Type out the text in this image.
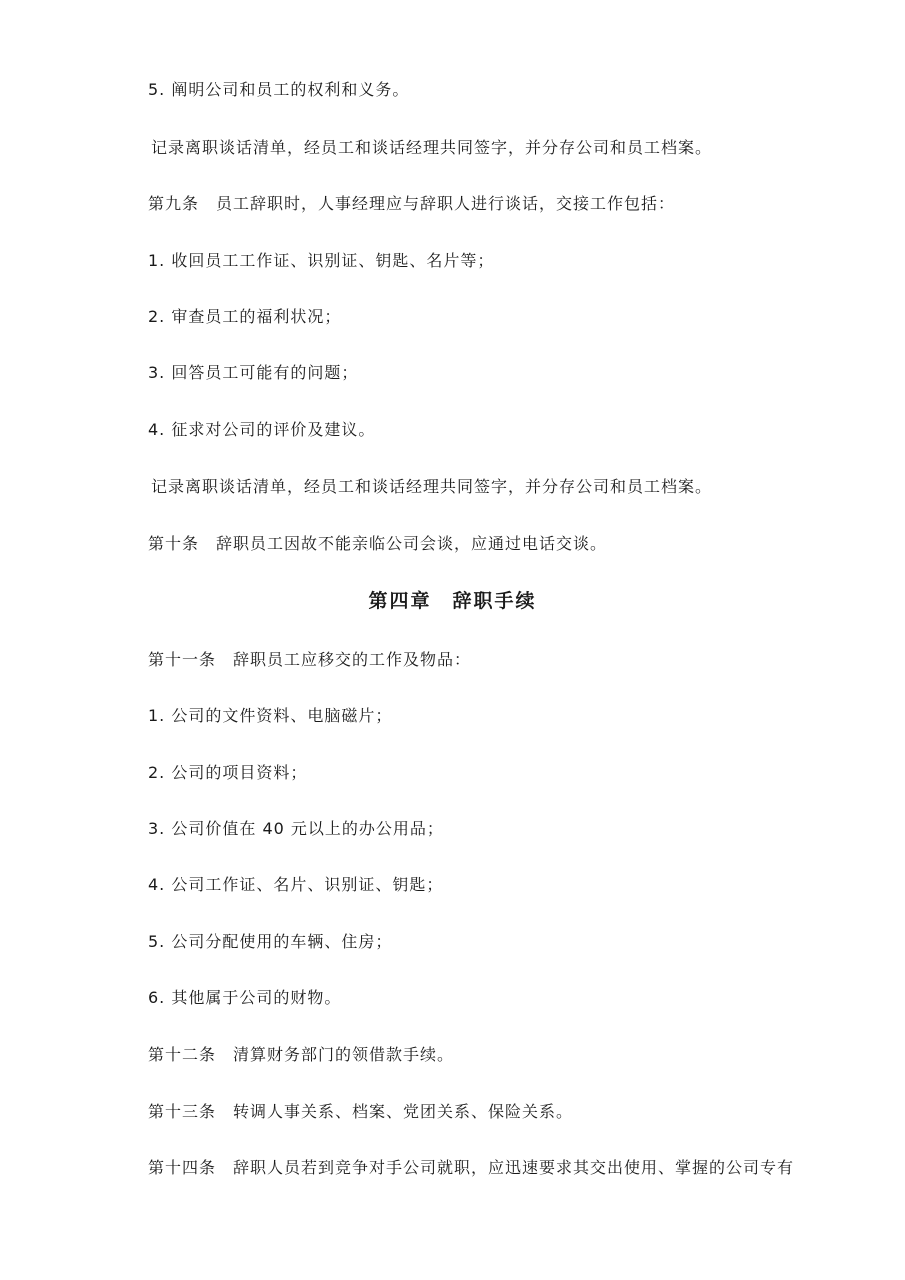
5. 阐明公司和员工的权利和义务。
记录离职谈话清单，经员工和谈话经理共同签字，并分存公司和员工档案。
第九条　员工辞职时，人事经理应与辞职人进行谈话，交接工作包括：
1. 收回员工工作证、识别证、钥匙、名片等；
2. 审查员工的福利状况；
3. 回答员工可能有的问题；
4. 征求对公司的评价及建议。
记录离职谈话清单，经员工和谈话经理共同签字，并分存公司和员工档案。
第十条　辞职员工因故不能亲临公司会谈，应通过电话交谈。
第四章　辞职手续
第十一条　辞职员工应移交的工作及物品：
1. 公司的文件资料、电脑磁片；
2. 公司的项目资料；
3. 公司价值在 40 元以上的办公用品；
4. 公司工作证、名片、识别证、钥匙；
5. 公司分配使用的车辆、住房；
6. 其他属于公司的财物。
第十二条　清算财务部门的领借款手续。
第十三条　转调人事关系、档案、党团关系、保险关系。
第十四条　辞职人员若到竞争对手公司就职，应迅速要求其交出使用、掌握的公司专有
